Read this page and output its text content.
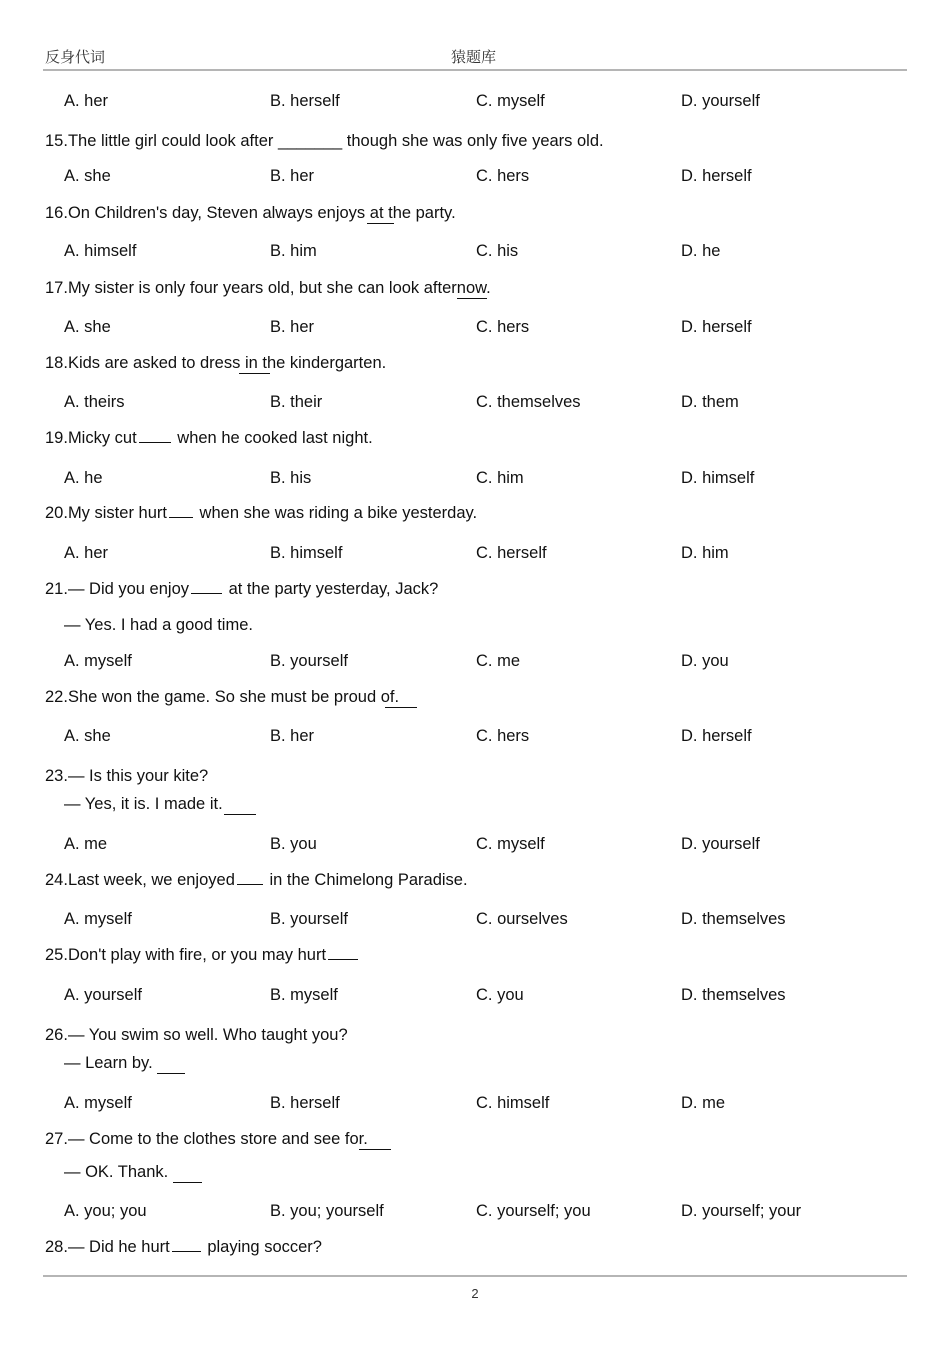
反身代词	猿题库
A. her	B. herself	C. myself	D. yourself
15.The little girl could look after _______ though she was only five years old.
A. she	B. her	C. hers	D. herself
16.On Children's day, Steven always enjoys at the party.
A. himself	B. him	C. his	D. he
17.My sister is only four years old, but she can look afternow.
A. she	B. her	C. hers	D. herself
18.Kids are asked to dress in the kindergarten.
A. theirs	B. their	C. themselves	D. them
19.Micky cut when he cooked last night.
A. he	B. his	C. him	D. himself
20.My sister hurt when she was riding a bike yesterday.
A. her	B. himself	C. herself	D. him
21.— Did you enjoy at the party yesterday, Jack?
— Yes. I had a good time.
A. myself	B. yourself	C. me	D. you
22.She won the game. So she must be proud of.
A. she	B. her	C. hers	D. herself
23.— Is this your kite?
— Yes, it is. I made it.
A. me	B. you	C. myself	D. yourself
24.Last week, we enjoyed in the Chimelong Paradise.
A. myself	B. yourself	C. ourselves	D. themselves
25.Don't play with fire, or you may hurt
A. yourself	B. myself	C. you	D. themselves
26.— You swim so well. Who taught you?
— Learn by.
A. myself	B. herself	C. himself	D. me
27.— Come to the clothes store and see for.
— OK. Thank.
A. you; you	B. you; yourself	C. yourself; you	D. yourself; your
28.— Did he hurt playing soccer?
2
